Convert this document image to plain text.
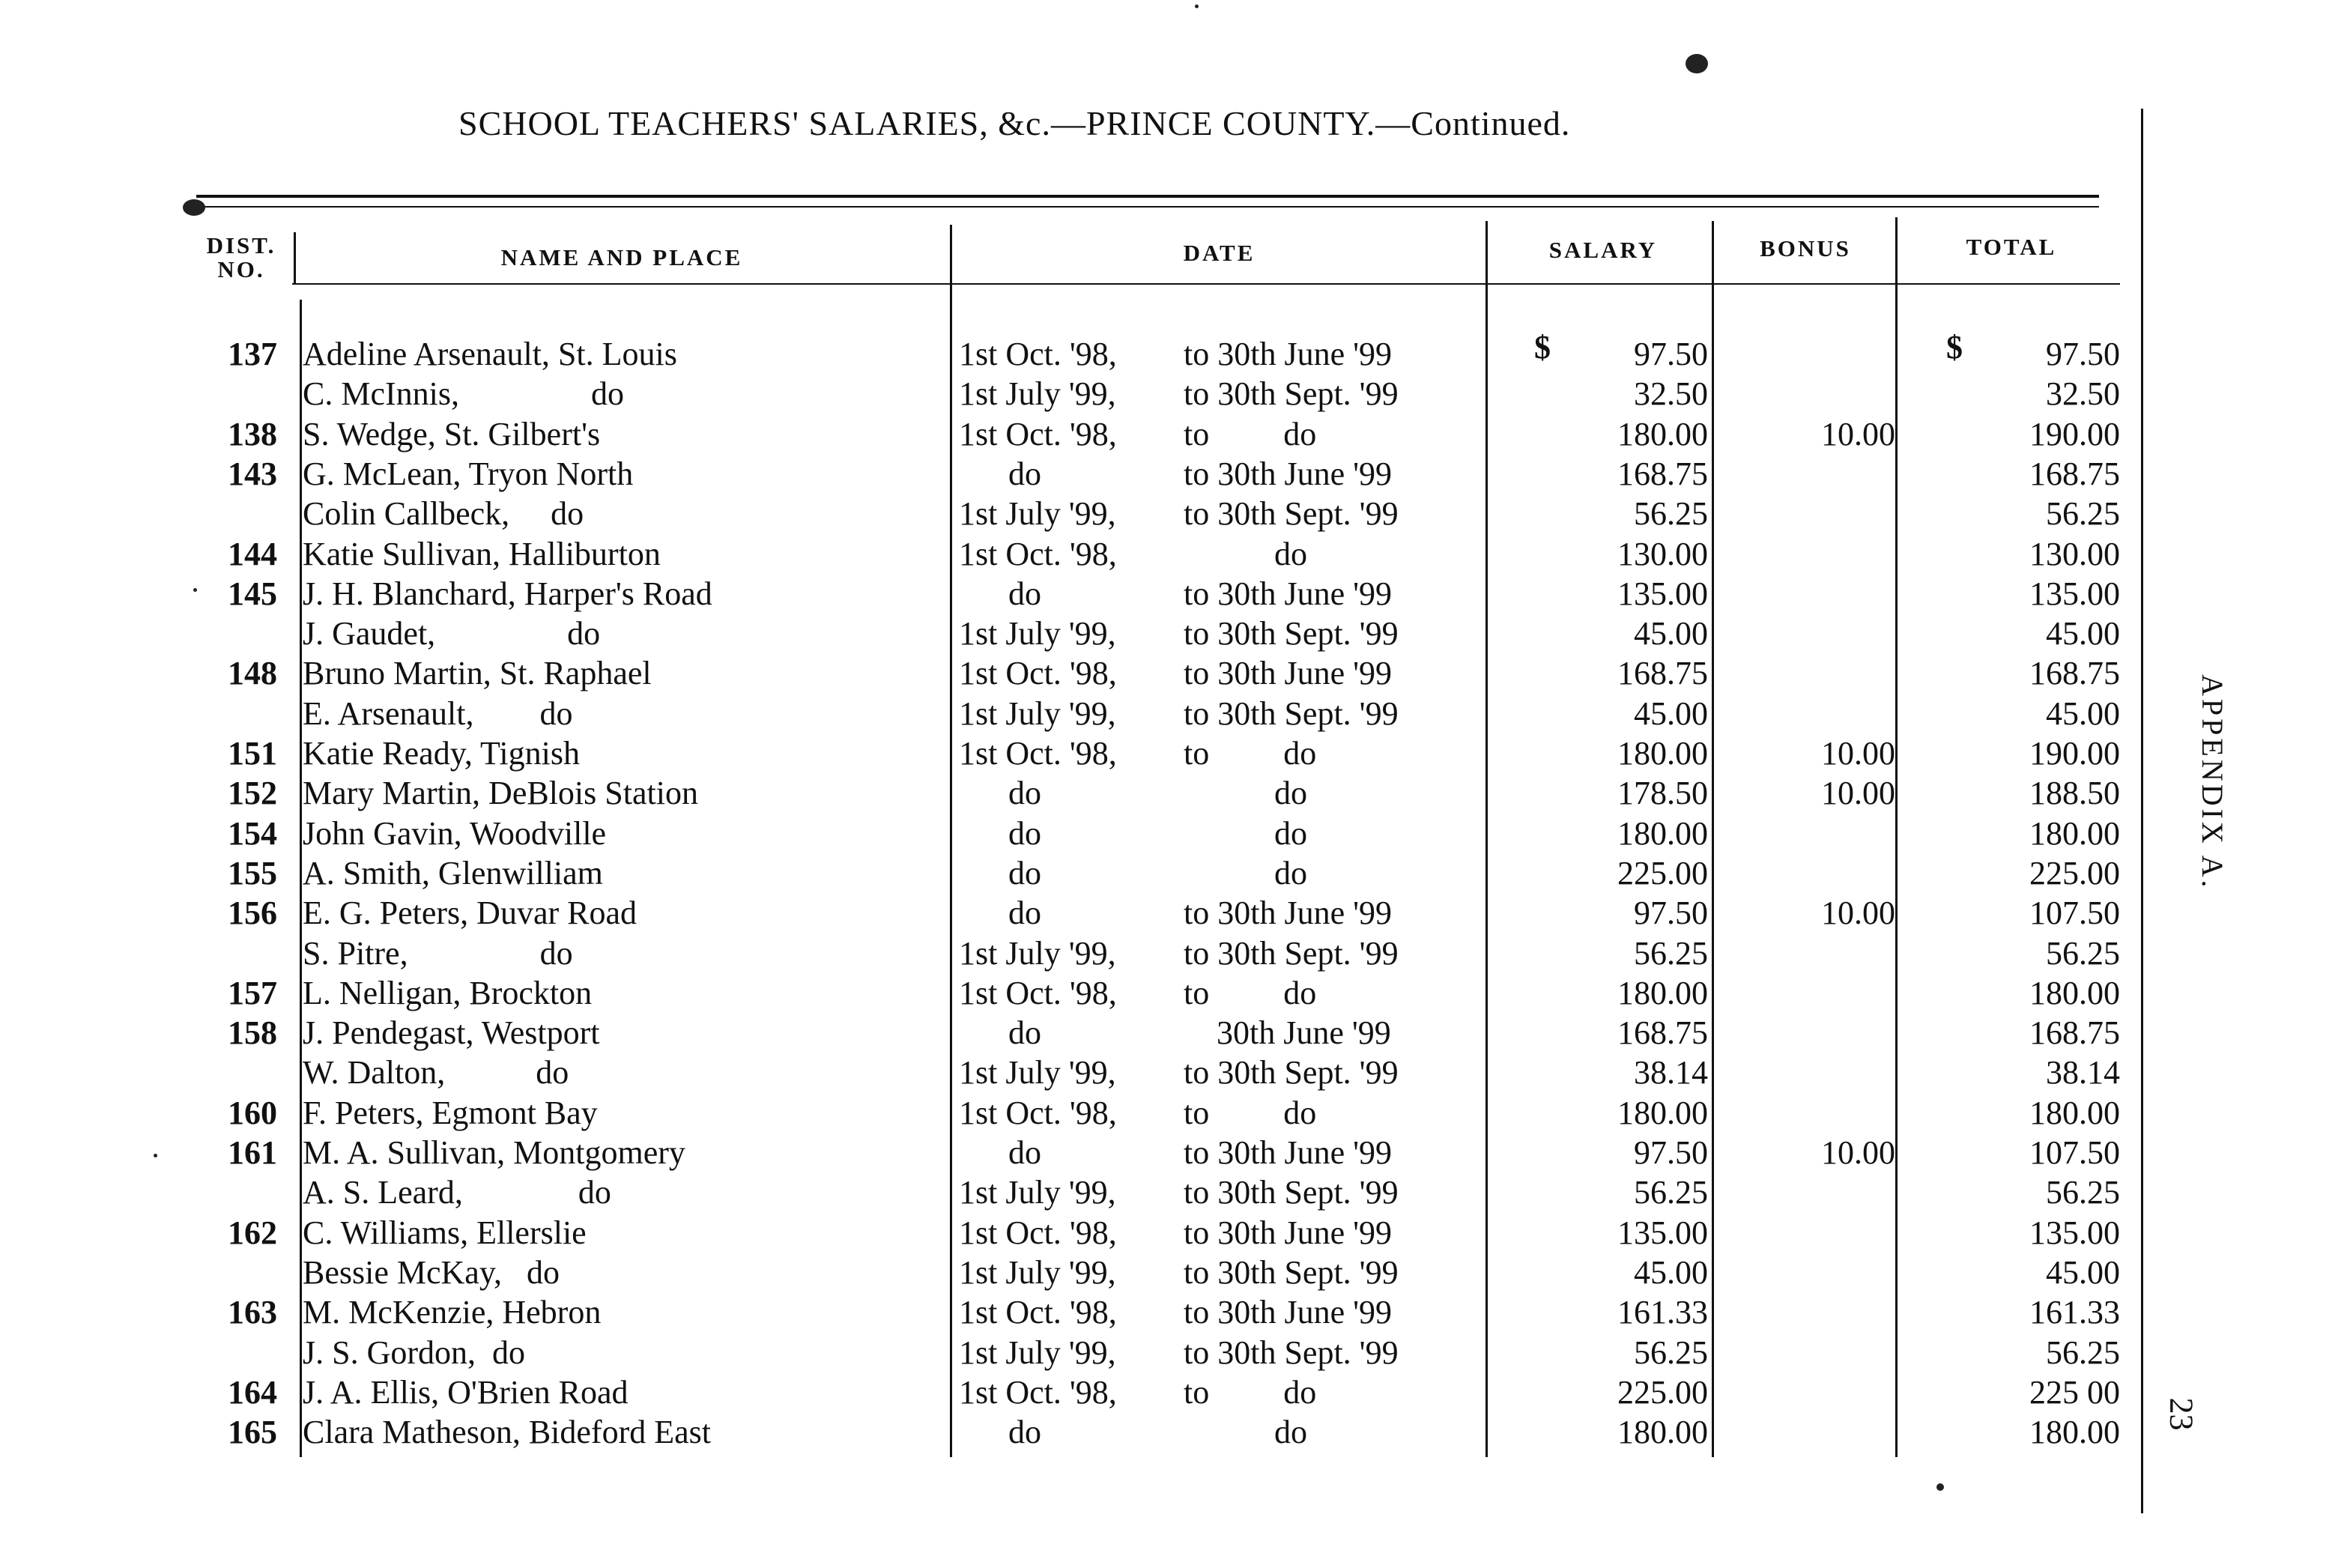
SCHOOL TEACHERS' SALARIES, &c.—PRINCE COUNTY.—Continued.
DIST.
NO.	NAME AND PLACE	DATE	SALARY	BONUS	TOTAL
$	$
137 Adeline Arsenault, St. Louis	1st Oct. '98, to 30th June '99	97.50	97.50
C. McInnis,                do	1st July '99, to 30th Sept. '99	32.50	32.50
138 S. Wedge, St. Gilbert's	1st Oct. '98, to         do	180.00	10.00	190.00
143 G. McLean, Tryon North	do	to 30th June '99	168.75	168.75
Colin Callbeck,     do	1st July '99, to 30th Sept. '99	56.25	56.25
144 Katie Sullivan, Halliburton	1st Oct. '98, do	130.00	130.00
145 J. H. Blanchard, Harper's Road	do	to 30th June '99	135.00	135.00
J. Gaudet,                do	1st July '99, to 30th Sept. '99	45.00	45.00
148 Bruno Martin, St. Raphael	1st Oct. '98, to 30th June '99	168.75	168.75
E. Arsenault,        do	1st July '99, to 30th Sept. '99	45.00	45.00
151 Katie Ready, Tignish	1st Oct. '98, to         do	180.00	10.00	190.00
152 Mary Martin, DeBlois Station	do	do	178.50	10.00	188.50
154 John Gavin, Woodville	do	do	180.00	180.00
155 A. Smith, Glenwilliam	do	do	225.00	225.00
156 E. G. Peters, Duvar Road	do	to 30th June '99	97.50	10.00	107.50
S. Pitre,                do	1st July '99, to 30th Sept. '99	56.25	56.25
157 L. Nelligan, Brockton	1st Oct. '98, to         do	180.00	180.00
158 J. Pendegast, Westport	do	30th June '99	168.75	168.75
W. Dalton,           do	1st July '99, to 30th Sept. '99	38.14	38.14
160 F. Peters, Egmont Bay	1st Oct. '98, to         do	180.00	180.00
161 M. A. Sullivan, Montgomery	do	to 30th June '99	97.50	10.00	107.50
A. S. Leard,              do	1st July '99, to 30th Sept. '99	56.25	56.25
162 C. Williams, Ellerslie	1st Oct. '98, to 30th June '99	135.00	135.00
Bessie McKay,   do	1st July '99, to 30th Sept. '99	45.00	45.00
163 M. McKenzie, Hebron	1st Oct. '98, to 30th June '99	161.33	161.33
J. S. Gordon,  do	1st July '99, to 30th Sept. '99	56.25	56.25
164 J. A. Ellis, O'Brien Road	1st Oct. '98, to         do	225.00	225 00
165 Clara Matheson, Bideford East	do	do	180.00	180.00
APPENDIX A.
23
